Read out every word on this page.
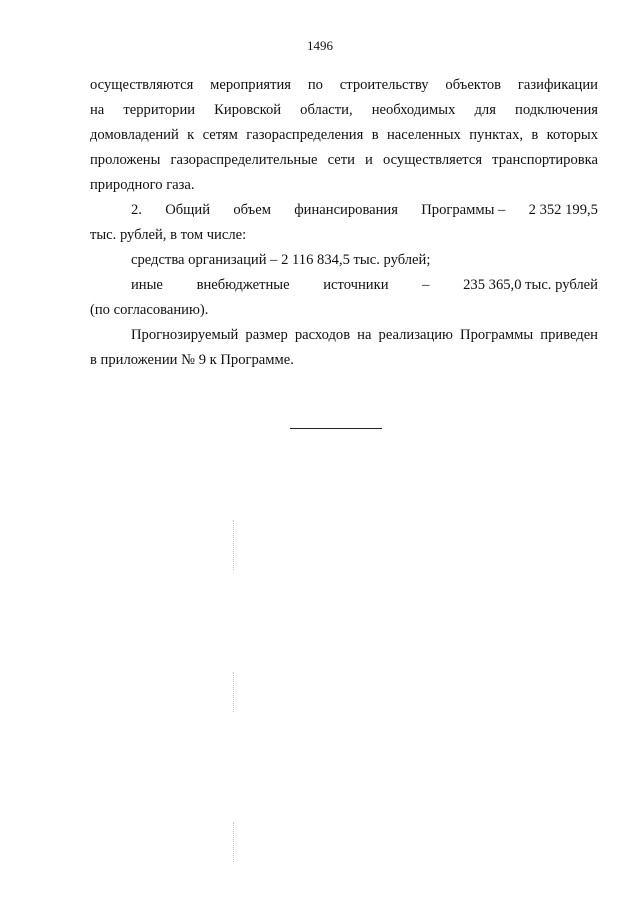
1496
осуществляются мероприятия по строительству объектов газификации
на территории Кировской области, необходимых для подключения
домовладений к сетям газораспределения в населенных пунктах, в которых
проложены газораспределительные сети и осуществляется транспортировка
природного газа.
2. Общий объем финансирования Программы – 2 352 199,5
тыс. рублей, в том числе:
средства организаций – 2 116 834,5 тыс. рублей;
иные внебюджетные источники – 235 365,0 тыс. рублей
(по согласованию).
Прогнозируемый размер расходов на реализацию Программы приведен
в приложении № 9 к Программе.
